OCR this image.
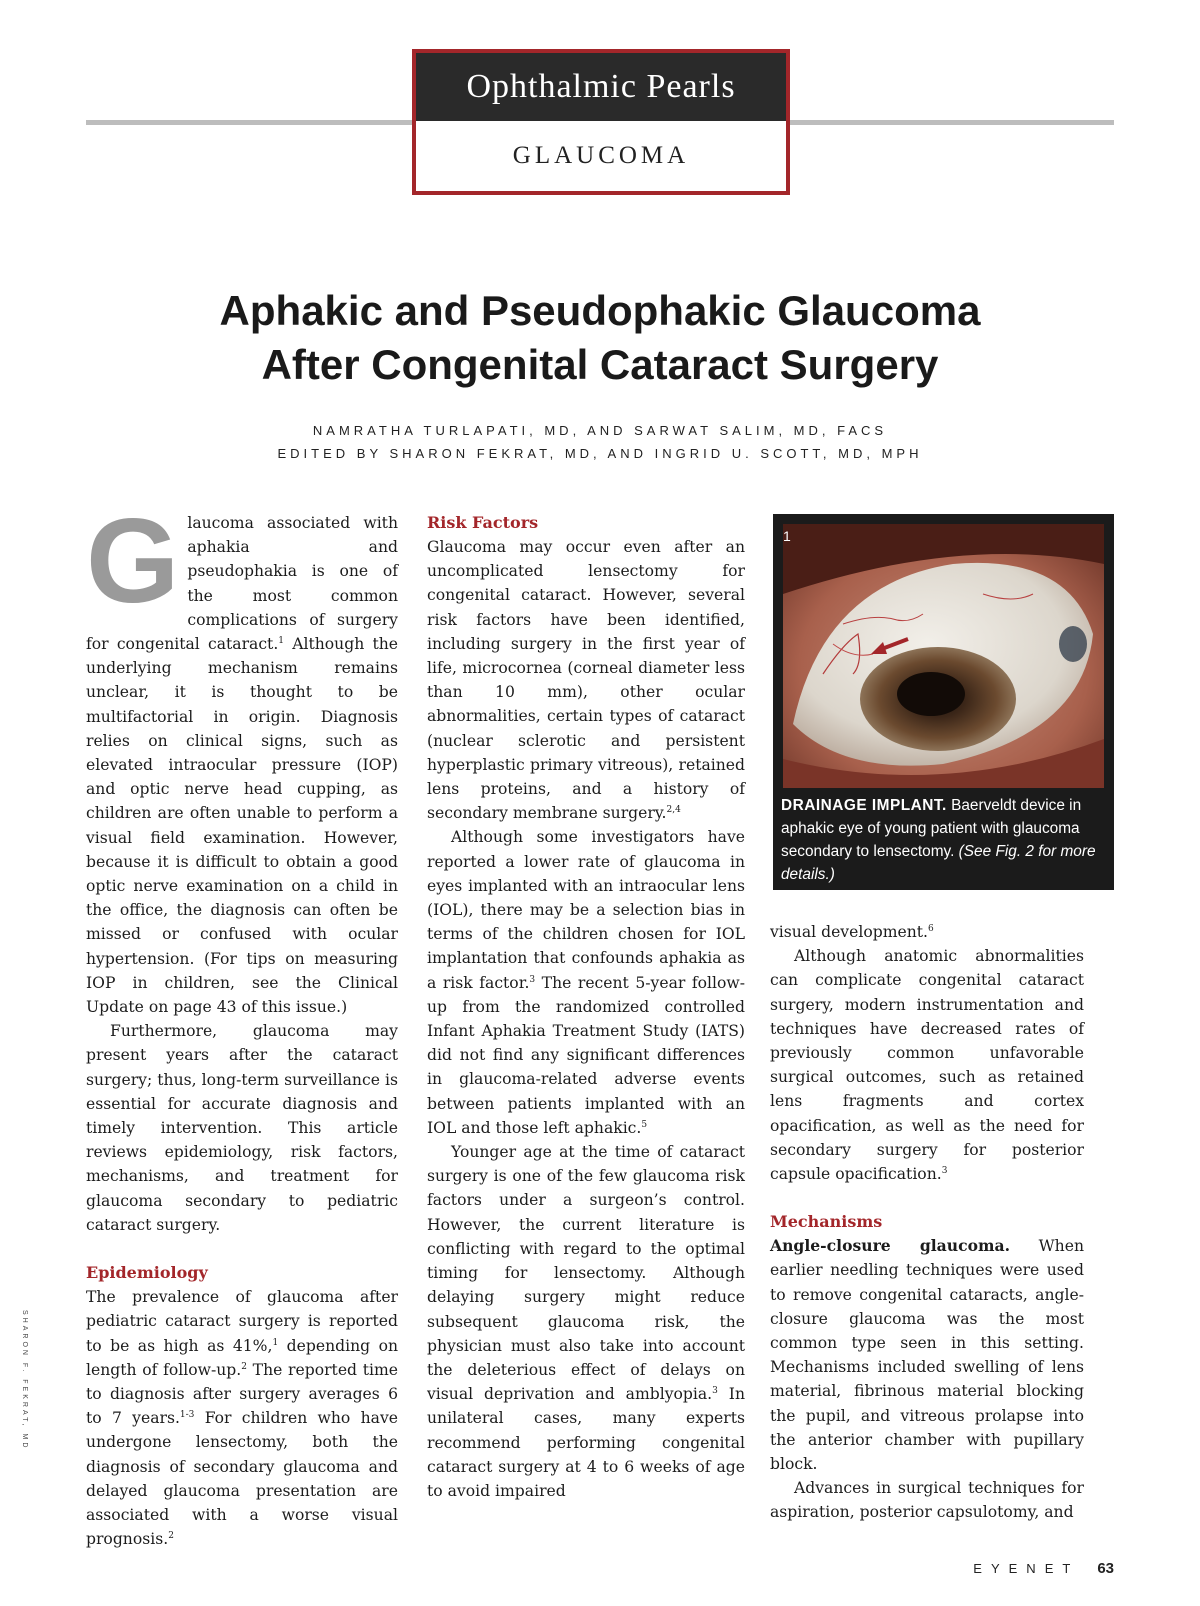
Ophthalmic Pearls
GLAUCOMA
Aphakic and Pseudophakic Glaucoma
After Congenital Cataract Surgery
NAMRATHA TURLAPATI, MD, AND SARWAT SALIM, MD, FACS
EDITED BY SHARON FEKRAT, MD, AND INGRID U. SCOTT, MD, MPH

Glaucoma associated with aphakia and pseudophakia is one of the most common complications of surgery for congenital cataract.$^1$ Although the underlying mechanism remains unclear, it is thought to be multifactorial in origin. Diagnosis relies on clinical signs, such as elevated intraocular pressure (IOP) and optic nerve head cupping, as children are often unable to perform a visual field examination. However, because it is difficult to obtain a good optic nerve examination on a child in the office, the diagnosis can often be missed or confused with ocular hypertension. (For tips on measuring IOP in children, see the Clinical Update on page 43 of this issue.)

Furthermore, glaucoma may present years after the cataract surgery; thus, long-term surveillance is essential for accurate diagnosis and timely intervention. This article reviews epidemiology, risk factors, mechanisms, and treatment for glaucoma secondary to pediatric cataract surgery.

Epidemiology

The prevalence of glaucoma after pediatric cataract surgery is reported to be as high as 41%,$^1$ depending on length of follow-up.$^2$ The reported time to diagnosis after surgery averages 6 to 7 years.$^{1-3}$ For children who have undergone lensectomy, both the diagnosis of secondary glaucoma and delayed glaucoma presentation are associated with a worse visual prognosis.$^2$

Risk Factors

Glaucoma may occur even after an uncomplicated lensectomy for congenital cataract. However, several risk factors have been identified, including surgery in the first year of life, microcornea (corneal diameter less than 10 mm), other ocular abnormalities, certain types of cataract (nuclear sclerotic and persistent hyperplastic primary vitreous), retained lens proteins, and a history of secondary membrane surgery.$^{2,4}$

Although some investigators have reported a lower rate of glaucoma in eyes implanted with an intraocular lens (IOL), there may be a selection bias in terms of the children chosen for IOL implantation that confounds aphakia as a risk factor.$^3$ The recent 5-year follow-up from the randomized controlled Infant Aphakia Treatment Study (IATS) did not find any significant differences in glaucoma-related adverse events between patients implanted with an IOL and those left aphakic.$^5$

Younger age at the time of cataract surgery is one of the few glaucoma risk factors under a surgeon’s control. However, the current literature is conflicting with regard to the optimal timing for lensectomy. Although delaying surgery might reduce subsequent glaucoma risk, the physician must also take into account the deleterious effect of delays on visual deprivation and amblyopia.$^3$ In unilateral cases, many experts recommend performing congenital cataract surgery at 4 to 6 weeks of age to avoid impaired

1
DRAINAGE IMPLANT. Baerveldt device in aphakic eye of young patient with glaucoma secondary to lensectomy. (See Fig. 2 for more details.)

visual development.$^6$

Although anatomic abnormalities can complicate congenital cataract surgery, modern instrumentation and techniques have decreased rates of previously common unfavorable surgical outcomes, such as retained lens fragments and cortex opacification, as well as the need for secondary surgery for posterior capsule opacification.$^3$

Mechanisms

Angle-closure glaucoma. When earlier needling techniques were used to remove congenital cataracts, angle-closure glaucoma was the most common type seen in this setting. Mechanisms included swelling of lens material, fibrinous material blocking the pupil, and vitreous prolapse into the anterior chamber with pupillary block.

Advances in surgical techniques for aspiration, posterior capsulotomy, and

SHARON F. FEKRAT, MD
EYENET 63
